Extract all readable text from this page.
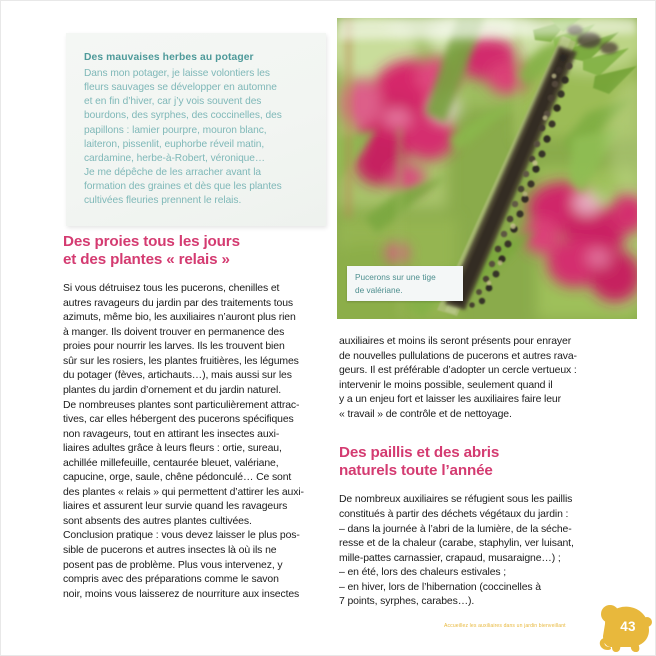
Des mauvaises herbes au potager
Dans mon potager, je laisse volontiers les
fleurs sauvages se développer en automne
et en fin d’hiver, car j’y vois souvent des
bourdons, des syrphes, des coccinelles, des
papillons : lamier pourpre, mouron blanc,
laiteron, pissenlit, euphorbe réveil matin,
cardamine, herbe-à-Robert, véronique…
Je me dépêche de les arracher avant la
formation des graines et dès que les plantes
cultivées fleuries prennent le relais.
Pucerons sur une tige
de valériane.
Des proies tous les jours
et des plantes « relais »

Si vous détruisez tous les pucerons, chenilles et
autres ravageurs du jardin par des traitements tous
azimuts, même bio, les auxiliaires n’auront plus rien
à manger. Ils doivent trouver en permanence des
proies pour nourrir les larves. Ils les trouvent bien
sûr sur les rosiers, les plantes fruitières, les légumes
du potager (fèves, artichauts…), mais aussi sur les
plantes du jardin d’ornement et du jardin naturel.
De nombreuses plantes sont particulièrement attrac-
tives, car elles hébergent des pucerons spécifiques
non ravageurs, tout en attirant les insectes auxi-
liaires adultes grâce à leurs fleurs : ortie, sureau,
achillée millefeuille, centaurée bleuet, valériane,
capucine, orge, saule, chêne pédonculé… Ce sont
des plantes « relais » qui permettent d’attirer les auxi-
liaires et assurent leur survie quand les ravageurs
sont absents des autres plantes cultivées.
Conclusion pratique : vous devez laisser le plus pos-
sible de pucerons et autres insectes là où ils ne
posent pas de problème. Plus vous intervenez, y
compris avec des préparations comme le savon
noir, moins vous laisserez de nourriture aux insectes

auxiliaires et moins ils seront présents pour enrayer
de nouvelles pullulations de pucerons et autres rava-
geurs. Il est préférable d’adopter un cercle vertueux :
intervenir le moins possible, seulement quand il
y a un enjeu fort et laisser les auxiliaires faire leur
« travail » de contrôle et de nettoyage.

Des paillis et des abris
naturels toute l’année

De nombreux auxiliaires se réfugient sous les paillis
constitués à partir des déchets végétaux du jardin :
– dans la journée à l’abri de la lumière, de la séche-
resse et de la chaleur (carabe, staphylin, ver luisant,
mille-pattes carnassier, crapaud, musaraigne…) ;
– en été, lors des chaleurs estivales ;
– en hiver, lors de l’hibernation (coccinelles à
7 points, syrphes, carabes…).

Accueillez les auxiliaires dans un jardin bienveillant	43
